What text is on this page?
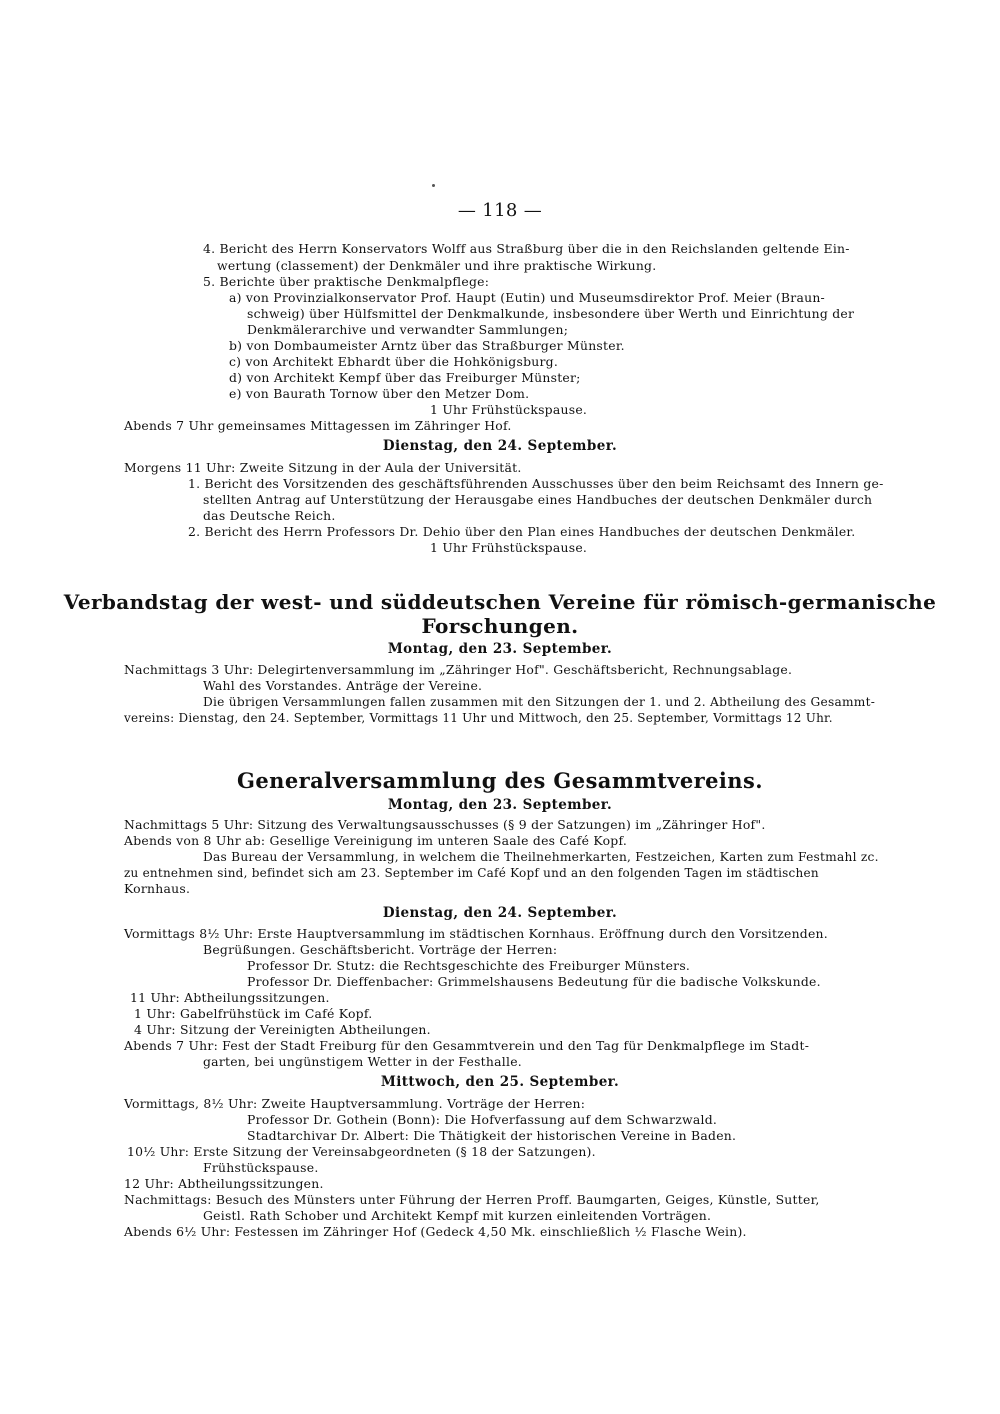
— 118 —
4. Bericht des Herrn Konservators Wolff aus Straßburg über die in den Reichslanden geltende Ein-
wertung (classement) der Denkmäler und ihre praktische Wirkung.
5. Berichte über praktische Denkmalpflege:
a) von Provinzialkonservator Prof. Haupt (Eutin) und Museumsdirektor Prof. Meier (Braun-
schweig) über Hülfsmittel der Denkmalkunde, insbesondere über Werth und Einrichtung der
Denkmälerarchive und verwandter Sammlungen;
b) von Dombaumeister Arntz über das Straßburger Münster.
c) von Architekt Ebhardt über die Hohkönigsburg.
d) von Architekt Kempf über das Freiburger Münster;
e) von Baurath Tornow über den Metzer Dom.
1 Uhr Frühstückspause.
Abends 7 Uhr gemeinsames Mittagessen im Zähringer Hof.
Dienstag, den 24. September.
Morgens 11 Uhr: Zweite Sitzung in der Aula der Universität.
1. Bericht des Vorsitzenden des geschäftsführenden Ausschusses über den beim Reichsamt des Innern ge-
stellten Antrag auf Unterstützung der Herausgabe eines Handbuches der deutschen Denkmäler durch
das Deutsche Reich.
2. Bericht des Herrn Professors Dr. Dehio über den Plan eines Handbuches der deutschen Denkmäler.
1 Uhr Frühstückspause.
Verbandstag der west- und süddeutschen Vereine für römisch-germanische
Forschungen.
Montag, den 23. September.
Nachmittags 3 Uhr: Delegirtenversammlung im „Zähringer Hof". Geschäftsbericht, Rechnungsablage.
Wahl des Vorstandes. Anträge der Vereine.
Die übrigen Versammlungen fallen zusammen mit den Sitzungen der 1. und 2. Abtheilung des Gesammt-
vereins: Dienstag, den 24. September, Vormittags 11 Uhr und Mittwoch, den 25. September, Vormittags 12 Uhr.
Generalversammlung des Gesammtvereins.
Montag, den 23. September.
Nachmittags 5 Uhr: Sitzung des Verwaltungsausschusses (§ 9 der Satzungen) im „Zähringer Hof".
Abends von 8 Uhr ab: Gesellige Vereinigung im unteren Saale des Café Kopf.
Das Bureau der Versammlung, in welchem die Theilnehmerkarten, Festzeichen, Karten zum Festmahl zc.
zu entnehmen sind, befindet sich am 23. September im Café Kopf und an den folgenden Tagen im städtischen
Kornhaus.
Dienstag, den 24. September.
Vormittags 8½ Uhr: Erste Hauptversammlung im städtischen Kornhaus. Eröffnung durch den Vorsitzenden.
Begrüßungen. Geschäftsbericht. Vorträge der Herren:
Professor Dr. Stutz: die Rechtsgeschichte des Freiburger Münsters.
Professor Dr. Dieffenbacher: Grimmelshausens Bedeutung für die badische Volkskunde.
11 Uhr: Abtheilungssitzungen.
1 Uhr: Gabelfrühstück im Café Kopf.
4 Uhr: Sitzung der Vereinigten Abtheilungen.
Abends 7 Uhr: Fest der Stadt Freiburg für den Gesammtverein und den Tag für Denkmalpflege im Stadt-
garten, bei ungünstigem Wetter in der Festhalle.
Mittwoch, den 25. September.
Vormittags, 8½ Uhr: Zweite Hauptversammlung. Vorträge der Herren:
Professor Dr. Gothein (Bonn): Die Hofverfassung auf dem Schwarzwald.
Stadtarchivar Dr. Albert: Die Thätigkeit der historischen Vereine in Baden.
10½ Uhr: Erste Sitzung der Vereinsabgeordneten (§ 18 der Satzungen).
Frühstückspause.
12 Uhr: Abtheilungssitzungen.
Nachmittags: Besuch des Münsters unter Führung der Herren Proff. Baumgarten, Geiges, Künstle, Sutter,
Geistl. Rath Schober und Architekt Kempf mit kurzen einleitenden Vorträgen.
Abends 6½ Uhr: Festessen im Zähringer Hof (Gedeck 4,50 Mk. einschließlich ½ Flasche Wein).
